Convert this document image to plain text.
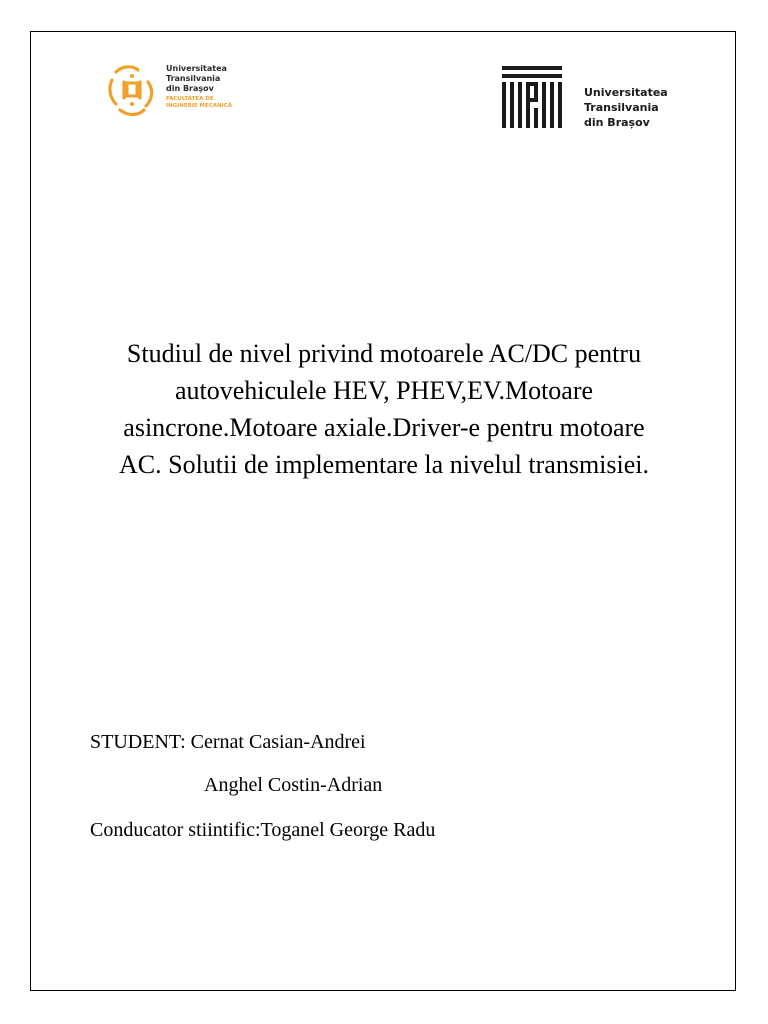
Universitatea
Transilvania
din Brașov
FACULTATEA DE
INGINERIE MECANICĂ
Universitatea
Transilvania
din Brașov
Studiul de nivel privind motoarele AC/DC pentru
autovehiculele HEV, PHEV,EV.Motoare
asincrone.Motoare axiale.Driver-e pentru motoare
AC. Solutii de implementare la nivelul transmisiei.
STUDENT: Cernat Casian-Andrei
Anghel Costin-Adrian
Conducator stiintific:Toganel George Radu
